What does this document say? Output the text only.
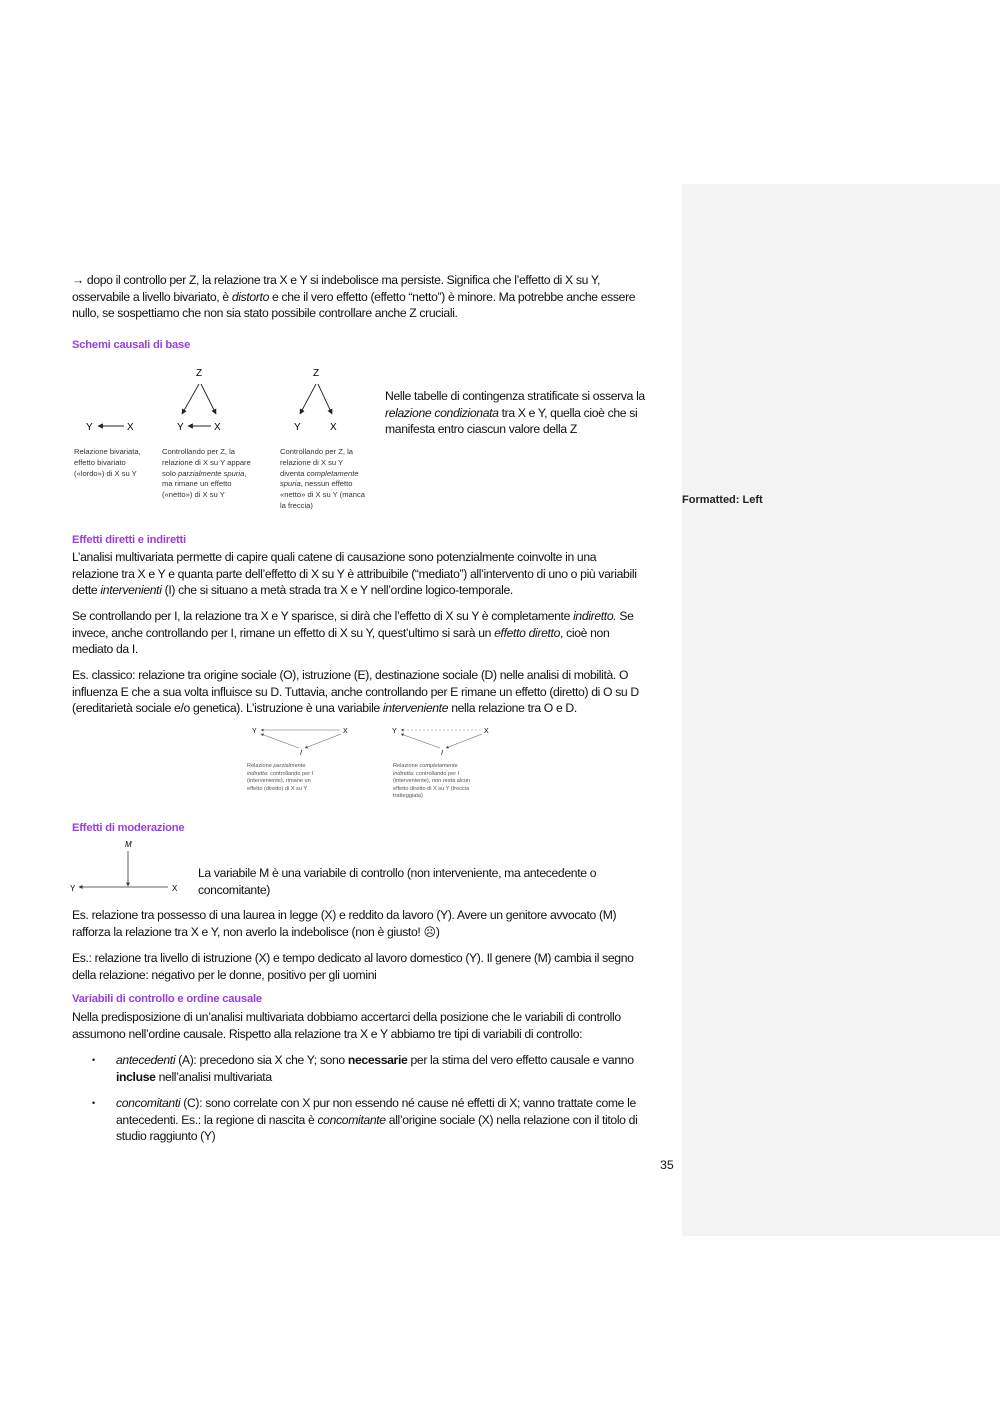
Formatted: Left

→ dopo il controllo per Z, la relazione tra X e Y si indebolisce ma persiste. Significa che l’effetto di X su Y,

osservabile a livello bivariato, è distorto e che il vero effetto (effetto “netto”) è minore. Ma potrebbe anche essere

nullo, se sospettiamo che non sia stato possibile controllare anche Z cruciali.

Schemi causali di base
Y	X
Z
Y	X
Z
Y	X
Relazione bivariata,
effetto bivariato
(«lordo») di X su Y
Controllando per Z, la
relazione di X su Y appare
solo parzialmente spuria,
ma rimane un effetto
(«netto») di X su Y
Controllando per Z, la
relazione di X su Y
diventa completamente
spuria, nessun effetto
«netto» di X su Y (manca
la freccia)

Nelle tabelle di contingenza stratificate si osserva la

relazione condizionata tra X e Y, quella cioè che si

manifesta entro ciascun valore della Z

Effetti diretti e indiretti

L’analisi multivariata permette di capire quali catene di causazione sono potenzialmente coinvolte in una

relazione tra X e Y e quanta parte dell’effetto di X su Y è attribuibile (“mediato”) all’intervento di uno o più variabili

dette intervenienti (I) che si situano a metà strada tra X e Y nell’ordine logico-temporale.

Se controllando per I, la relazione tra X e Y sparisce, si dirà che l’effetto di X su Y è completamente indiretto. Se

invece, anche controllando per I, rimane un effetto di X su Y, quest’ultimo si sarà un effetto diretto, cioè non

mediato da I.

Es. classico: relazione tra origine sociale (O), istruzione (E), destinazione sociale (D) nelle analisi di mobilità. O

influenza E che a sua volta influisce su D. Tuttavia, anche controllando per E rimane un effetto (diretto) di O su D

(ereditarietà sociale e/o genetica). L’istruzione è una variabile interveniente nella relazione tra O e D.

Y	X
I
Y	X
I
Relazione parzialmente
indiretta: controllando per I
(interveniente), rimane un
effetto (diretto) di X su Y
Relazione completamente
indiretta: controllando per I
(interveniente), non resta alcun
effetto diretto di X su Y (freccia
tratteggiata)
Effetti di moderazione
M
Y	X

La variabile M è una variabile di controllo (non interveniente, ma antecedente o

concomitante)

Es. relazione tra possesso di una laurea in legge (X) e reddito da lavoro (Y). Avere un genitore avvocato (M)

rafforza la relazione tra X e Y, non averlo la indebolisce (non è giusto! ☹)

Es.: relazione tra livello di istruzione (X) e tempo dedicato al lavoro domestico (Y). Il genere (M) cambia il segno

della relazione: negativo per le donne, positivo per gli uomini

Variabili di controllo e ordine causale

Nella predisposizione di un’analisi multivariata dobbiamo accertarci della posizione che le variabili di controllo

assumono nell’ordine causale. Rispetto alla relazione tra X e Y abbiamo tre tipi di variabili di controllo:

• antecedenti (A): precedono sia X che Y; sono necessarie per la stima del vero effetto causale e vanno

incluse nell’analisi multivariata

• concomitanti (C): sono correlate con X pur non essendo né cause né effetti di X; vanno trattate come le

antecedenti. Es.: la regione di nascita è concomitante all’origine sociale (X) nella relazione con il titolo di

studio raggiunto (Y)

35
